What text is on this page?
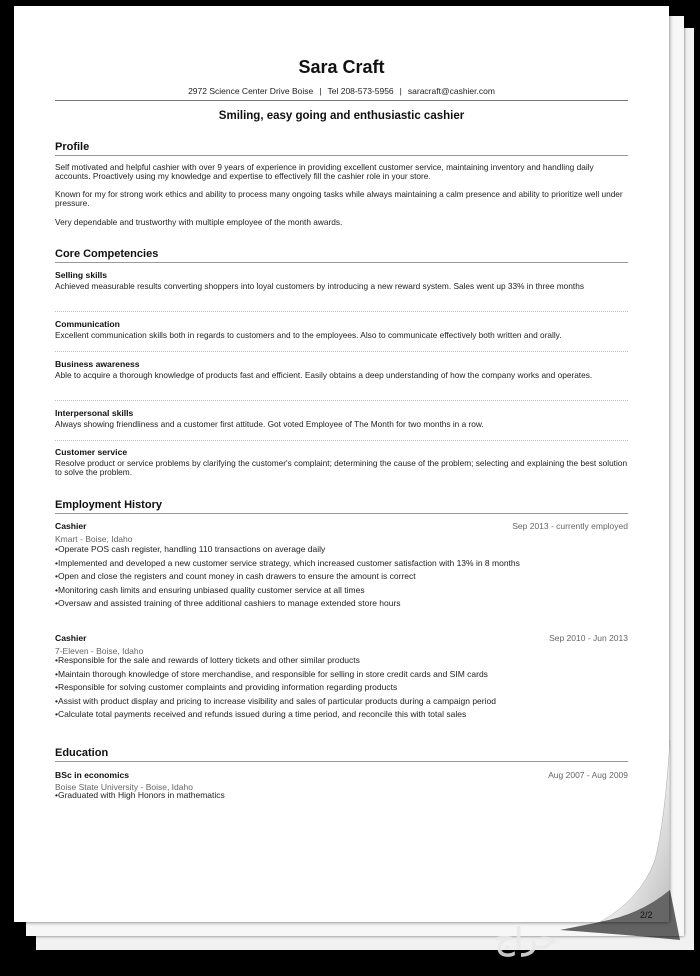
Sara Craft
2972 Science Center Drive Boise | Tel 208-573-5956 | saracraft@cashier.com
Smiling, easy going and enthusiastic cashier
Profile
Self motivated and helpful cashier with over 9 years of experience in providing excellent customer service, maintaining inventory and handling daily accounts. Proactively using my knowledge and expertise to effectively fill the cashier role in your store.
Known for my for strong work ethics and ability to process many ongoing tasks while always maintaining a calm presence and ability to prioritize well under pressure.
Very dependable and trustworthy with multiple employee of the month awards.
Core Competencies
Selling skills
Achieved measurable results converting shoppers into loyal customers by introducing a new reward system. Sales went up 33% in three months
Communication
Excellent communication skills both in regards to customers and to the employees. Also to communicate effectively both written and orally.
Business awareness
Able to acquire a thorough knowledge of products fast and efficient. Easily obtains a deep understanding of how the company works and operates.
Interpersonal skills
Always showing friendliness and a customer first attitude. Got voted Employee of The Month for two months in a row.
Customer service
Resolve product or service problems by clarifying the customer's complaint; determining the cause of the problem; selecting and explaining the best solution to solve the problem.
Employment History
Cashier	Sep 2013 - currently employed
Kmart - Boise, Idaho
• Operate POS cash register, handling 110 transactions on average daily
• Implemented and developed a new customer service strategy, which increased customer satisfaction with 13% in 8 months
• Open and close the registers and count money in cash drawers to ensure the amount is correct
• Monitoring cash limits and ensuring unbiased quality customer service at all times
• Oversaw and assisted training of three additional cashiers to manage extended store hours
Cashier	Sep 2010 - Jun 2013
7-Eleven - Boise, Idaho
• Responsible for the sale and rewards of lottery tickets and other similar products
• Maintain thorough knowledge of store merchandise, and responsible for selling in store credit cards and SIM cards
• Responsible for solving customer complaints and providing information regarding products
• Assist with product display and pricing to increase visibility and sales of particular products during a campaign period
• Calculate total payments received and refunds issued during a time period, and reconcile this with total sales
Education
BSc in economics	Aug 2007 - Aug 2009
Boise State University - Boise, Idaho
• Graduated with High Honors in mathematics
حراج
